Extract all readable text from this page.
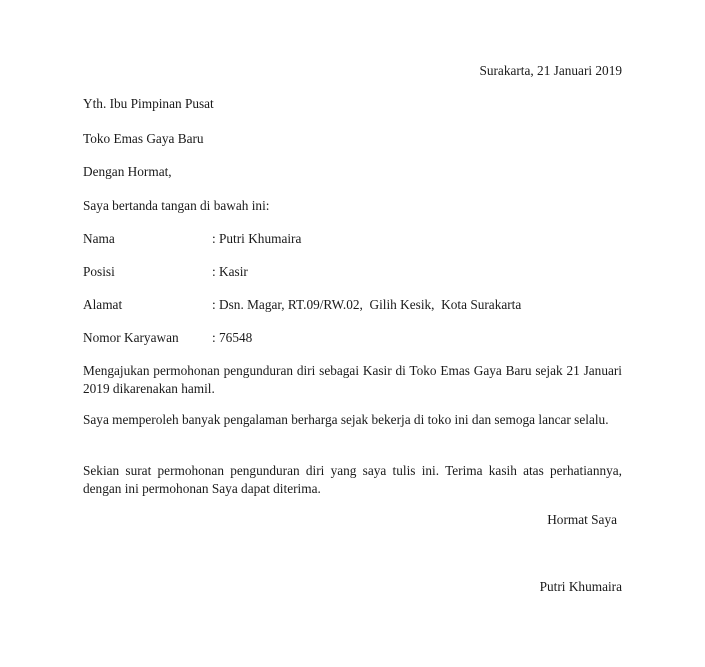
Surakarta, 21 Januari 2019
Yth. Ibu Pimpinan Pusat
Toko Emas Gaya Baru
Dengan Hormat,
Saya bertanda tangan di bawah ini:
Nama	: Putri Khumaira
Posisi	: Kasir
Alamat	: Dsn. Magar, RT.09/RW.02,  Gilih Kesik,  Kota Surakarta
Nomor Karyawan	: 76548
Mengajukan permohonan pengunduran diri sebagai Kasir di Toko Emas Gaya Baru sejak 21 Januari 2019 dikarenakan hamil.
Saya memperoleh banyak pengalaman berharga sejak bekerja di toko ini dan semoga lancar selalu.
Sekian surat permohonan pengunduran diri yang saya tulis ini. Terima kasih atas perhatiannya, dengan ini permohonan Saya dapat diterima.
Hormat Saya
Putri Khumaira
